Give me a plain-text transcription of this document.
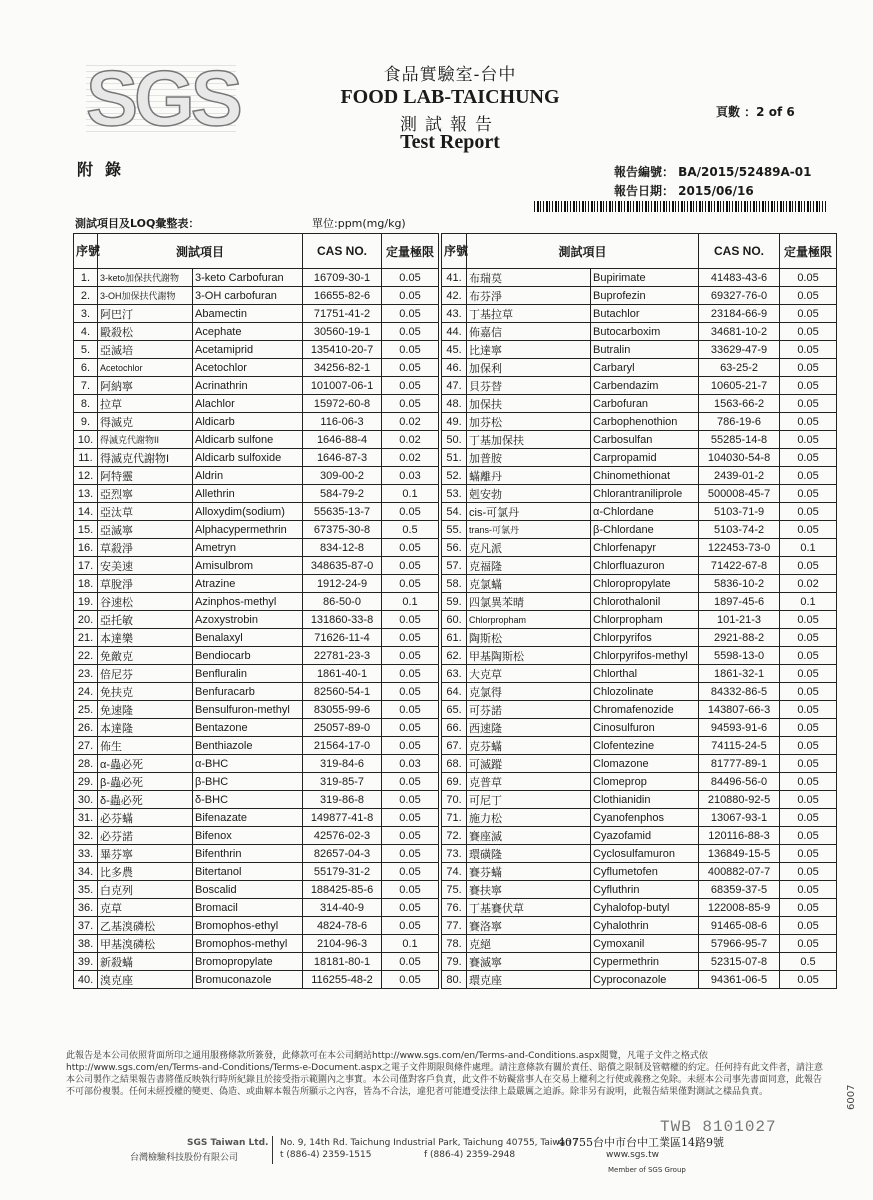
SGS	食品實驗室-台中
FOOD LAB-TAICHUNG
測試報告
Test Report
頁數 ：2 of 6
附錄	報告編號： BA/2015/52489A-01
報告日期： 2015/06/16
測試項目及LOQ彙整表：	單位:ppm(mg/kg)
序號	測試項目		CAS NO.	定量極限		序號	測試項目		CAS NO.	定量極限
1.	3-keto加保扶代謝物	3-keto Carbofuran	16709-30-1	0.05		41.	布瑞莫	Bupirimate	41483-43-6	0.05
2.	3-OH加保扶代謝物	3-OH carbofuran	16655-82-6	0.05		42.	布芬淨	Buprofezin	69327-76-0	0.05
3.	阿巴汀	Abamectin	71751-41-2	0.05		43.	丁基拉草	Butachlor	23184-66-9	0.05
4.	毆殺松	Acephate	30560-19-1	0.05		44.	佈嘉信	Butocarboxim	34681-10-2	0.05
5.	亞滅培	Acetamiprid	135410-20-7	0.05		45.	比達寧	Butralin	33629-47-9	0.05
6.	Acetochlor	Acetochlor	34256-82-1	0.05		46.	加保利	Carbaryl	63-25-2	0.05
7.	阿納寧	Acrinathrin	101007-06-1	0.05		47.	貝芬替	Carbendazim	10605-21-7	0.05
8.	拉草	Alachlor	15972-60-8	0.05		48.	加保扶	Carbofuran	1563-66-2	0.05
9.	得滅克	Aldicarb	116-06-3	0.02		49.	加芬松	Carbophenothion	786-19-6	0.05
10.	得滅克代謝物II	Aldicarb sulfone	1646-88-4	0.02		50.	丁基加保扶	Carbosulfan	55285-14-8	0.05
11.	得滅克代謝物I	Aldicarb sulfoxide	1646-87-3	0.02		51.	加普胺	Carpropamid	104030-54-8	0.05
12.	阿特靈	Aldrin	309-00-2	0.03		52.	蟎離丹	Chinomethionat	2439-01-2	0.05
13.	亞烈寧	Allethrin	584-79-2	0.1		53.	剋安勃	Chlorantraniliprole	500008-45-7	0.05
14.	亞汰草	Alloxydim(sodium)	55635-13-7	0.05		54.	cis-可氯丹	α-Chlordane	5103-71-9	0.05
15.	亞滅寧	Alphacypermethrin	67375-30-8	0.5		55.	trans-可氯丹	β-Chlordane	5103-74-2	0.05
16.	草殺淨	Ametryn	834-12-8	0.05		56.	克凡派	Chlorfenapyr	122453-73-0	0.1
17.	安美速	Amisulbrom	348635-87-0	0.05		57.	克福隆	Chlorfluazuron	71422-67-8	0.05
18.	草脫淨	Atrazine	1912-24-9	0.05		58.	克氯蟎	Chloropropylate	5836-10-2	0.02
19.	谷速松	Azinphos-methyl	86-50-0	0.1		59.	四氯異苯晴	Chlorothalonil	1897-45-6	0.1
20.	亞托敏	Azoxystrobin	131860-33-8	0.05		60.	Chlorpropham	Chlorpropham	101-21-3	0.05
21.	本達樂	Benalaxyl	71626-11-4	0.05		61.	陶斯松	Chlorpyrifos	2921-88-2	0.05
22.	免敵克	Bendiocarb	22781-23-3	0.05		62.	甲基陶斯松	Chlorpyrifos-methyl	5598-13-0	0.05
23.	倍尼芬	Benfluralin	1861-40-1	0.05		63.	大克草	Chlorthal	1861-32-1	0.05
24.	免扶克	Benfuracarb	82560-54-1	0.05		64.	克氯得	Chlozolinate	84332-86-5	0.05
25.	免速隆	Bensulfuron-methyl	83055-99-6	0.05		65.	可芬諾	Chromafenozide	143807-66-3	0.05
26.	本達隆	Bentazone	25057-89-0	0.05		66.	西速隆	Cinosulfuron	94593-91-6	0.05
27.	佈生	Benthiazole	21564-17-0	0.05		67.	克芬蟎	Clofentezine	74115-24-5	0.05
28.	α-蟲必死	α-BHC	319-84-6	0.03		68.	可滅蹤	Clomazone	81777-89-1	0.05
29.	β-蟲必死	β-BHC	319-85-7	0.05		69.	克普草	Clomeprop	84496-56-0	0.05
30.	δ-蟲必死	δ-BHC	319-86-8	0.05		70.	可尼丁	Clothianidin	210880-92-5	0.05
31.	必芬蟎	Bifenazate	149877-41-8	0.05		71.	施力松	Cyanofenphos	13067-93-1	0.05
32.	必芬諾	Bifenox	42576-02-3	0.05		72.	賽座滅	Cyazofamid	120116-88-3	0.05
33.	畢芬寧	Bifenthrin	82657-04-3	0.05		73.	環磺隆	Cyclosulfamuron	136849-15-5	0.05
34.	比多農	Bitertanol	55179-31-2	0.05		74.	賽芬蟎	Cyflumetofen	400882-07-7	0.05
35.	白克列	Boscalid	188425-85-6	0.05		75.	賽扶寧	Cyfluthrin	68359-37-5	0.05
36.	克草	Bromacil	314-40-9	0.05		76.	丁基賽伏草	Cyhalofop-butyl	122008-85-9	0.05
37.	乙基溴磷松	Bromophos-ethyl	4824-78-6	0.05		77.	賽洛寧	Cyhalothrin	91465-08-6	0.05
38.	甲基溴磷松	Bromophos-methyl	2104-96-3	0.1		78.	克絕	Cymoxanil	57966-95-7	0.05
39.	新殺蟎	Bromopropylate	18181-80-1	0.05		79.	賽滅寧	Cypermethrin	52315-07-8	0.5
40.	溴克座	Bromuconazole	116255-48-2	0.05		80.	環克座	Cyproconazole	94361-06-5	0.05
此報告是本公司依照背面所印之通用服務條款所簽發，此條款可在本公司網站http://www.sgs.com/en/Terms-and-Conditions.aspx閱覽，凡電子文件之格式依http://www.sgs.com/en/Terms-and-Conditions/Terms-e-Document.aspx之電子文件期限與條件處理。請注意條款有關於責任、賠償之限制及管轄權的約定。任何持有此文件者，請注意本公司製作之結果報告書將僅反映執行時所紀錄且於接受指示範圍內之事實。本公司僅對客戶負責，此文件不妨礙當事人在交易上權利之行使或義務之免除。未經本公司事先書面同意，此報告不可部份複製。任何未經授權的變更、偽造、或曲解本報告所顯示之內容，皆為不合法，違犯者可能遭受法律上最嚴厲之追訴。除非另有說明，此報告結果僅對測試之樣品負責。
TWB 8101027
6007
SGS Taiwan Ltd.
台灣檢驗科技股份有限公司
No. 9, 14th Rd. Taichung Industrial Park, Taichung 40755, Taiwan /
40755台中市台中工業區14路9號
t (886-4) 2359-1515	f (886-4) 2359-2948	www.sgs.tw
Member of SGS Group
